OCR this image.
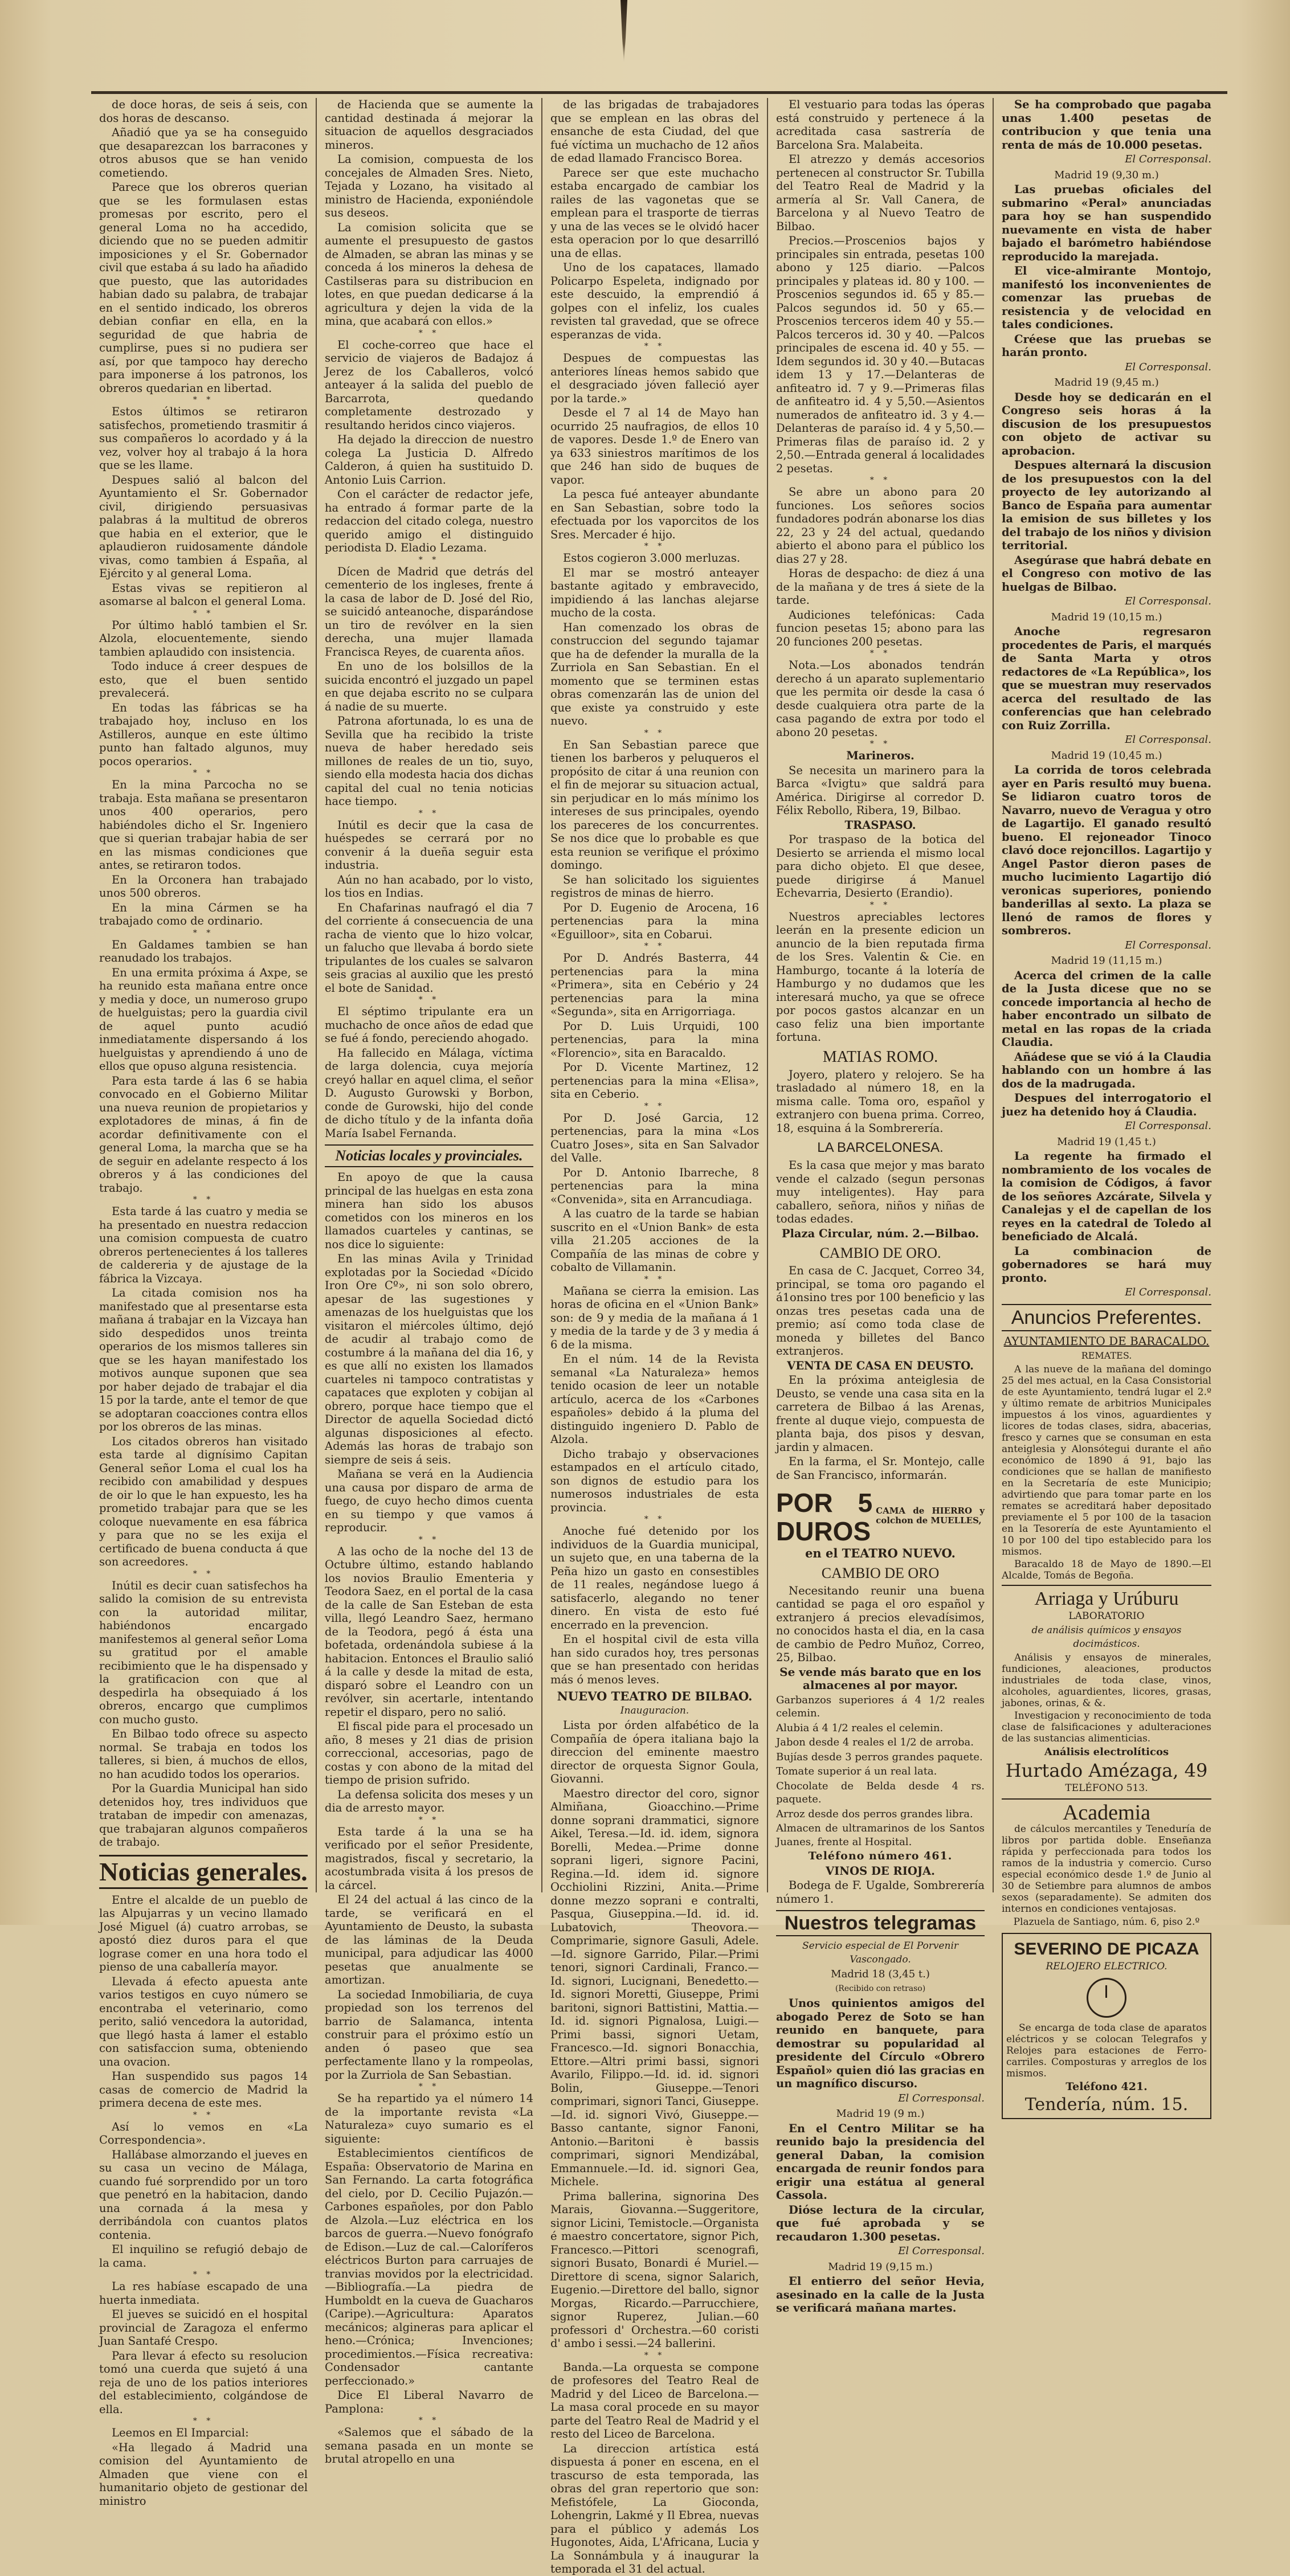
de doce horas, de seis á seis, con dos horas de descanso.

Añadió que ya se ha conseguido que desaparezcan los barracones y otros abusos que se han venido cometiendo.

Parece que los obreros querian que se les formulasen estas promesas por escrito, pero el general Loma no ha accedido, diciendo que no se pueden admitir imposiciones y el Sr. Gobernador civil que estaba á su lado ha añadido que puesto, que las autoridades habian dado su palabra, de trabajar en el sentido indicado, los obreros debian confiar en ella, en la seguridad de que habria de cumplirse, pues si no pudiera ser así, por que tampoco hay derecho para imponerse á los patronos, los obreros quedarian en libertad.

* *

Estos últimos se retiraron satisfechos, prometiendo trasmitir á sus compañeros lo acordado y á la vez, volver hoy al trabajo á la hora que se les llame.

Despues salió al balcon del Ayuntamiento el Sr. Gobernador civil, dirigiendo persuasivas palabras á la multitud de obreros que habia en el exterior, que le aplaudieron ruidosamente dándole vivas, como tambien á España, al Ejército y al general Loma.

Estas vivas se repitieron al asomarse al balcon el general Loma.

* *

Por último habló tambien el Sr. Alzola, elocuentemente, siendo tambien aplaudido con insistencia.

Todo induce á creer despues de esto, que el buen sentido prevalecerá.

En todas las fábricas se ha trabajado hoy, incluso en los Astilleros, aunque en este último punto han faltado algunos, muy pocos operarios.

* *

En la mina Parcocha no se trabaja. Esta mañana se presentaron unos 400 operarios, pero habiéndoles dicho el Sr. Ingeniero que si querian trabajar habia de ser en las mismas condiciones que antes, se retiraron todos.

En la Orconera han trabajado unos 500 obreros.

En la mina Cármen se ha trabajado como de ordinario.

* *

En Galdames tambien se han reanudado los trabajos.

En una ermita próxima á Axpe, se ha reunido esta mañana entre once y media y doce, un numeroso grupo de huelguistas; pero la guardia civil de aquel punto acudió inmediatamente dispersando á los huelguistas y aprendiendo á uno de ellos que opuso alguna resistencia.

Para esta tarde á las 6 se habia convocado en el Gobierno Militar una nueva reunion de propietarios y explotadores de minas, á fin de acordar definitivamente con el general Loma, la marcha que se ha de seguir en adelante respecto á los obreros y á las condiciones del trabajo.

* *

Esta tarde á las cuatro y media se ha presentado en nuestra redaccion una comision compuesta de cuatro obreros pertenecientes á los talleres de caldereria y de ajustage de la fábrica la Vizcaya.

La citada comision nos ha manifestado que al presentarse esta mañana á trabajar en la Vizcaya han sido despedidos unos treinta operarios de los mismos talleres sin que se les hayan manifestado los motivos aunque suponen que sea por haber dejado de trabajar el dia 15 por la tarde, ante el temor de que se adoptaran coacciones contra ellos por los obreros de las minas.

Los citados obreros han visitado esta tarde al dignísimo Capitan General señor Loma el cual los ha recibido con amabilidad y despues de oir lo que le han expuesto, les ha prometido trabajar para que se les coloque nuevamente en esa fábrica y para que no se les exija el certificado de buena conducta á que son acreedores.

* *

Inútil es decir cuan satisfechos ha salido la comision de su entrevista con la autoridad militar, habiéndonos encargado manifestemos al general señor Loma su gratitud por el amable recibimiento que le ha dispensado y la gratificacion con que al despedirla ha obsequiado á los obreros, encargo que cumplimos con mucho gusto.

En Bilbao todo ofrece su aspecto normal. Se trabaja en todos los talleres, si bien, á muchos de ellos, no han acudido todos los operarios.

Por la Guardia Municipal han sido detenidos hoy, tres individuos que trataban de impedir con amenazas, que trabajaran algunos compañeros de trabajo.

Noticias generales.

Entre el alcalde de un pueblo de las Alpujarras y un vecino llamado José Miguel (á) cuatro arrobas, se apostó diez duros para el que lograse comer en una hora todo el pienso de una caballería mayor.

Llevada á efecto apuesta ante varios testigos en cuyo número se encontraba el veterinario, como perito, salió vencedora la autoridad, que llegó hasta á lamer el establo con satisfaccion suma, obteniendo una ovacion.

Han suspendido sus pagos 14 casas de comercio de Madrid la primera decena de este mes.

* *

Así lo vemos en «La Correspondencia».

Hallábase almorzando el jueves en su casa un vecino de Málaga, cuando fué sorprendido por un toro que penetró en la habitacion, dando una cornada á la mesa y derribándola con cuantos platos contenia.

El inquilino se refugió debajo de la cama.

* *

La res habíase escapado de una huerta inmediata.

El jueves se suicidó en el hospital provincial de Zaragoza el enfermo Juan Santafé Crespo.

Para llevar á efecto su resolucion tomó una cuerda que sujetó á una reja de uno de los patios interiores del establecimiento, colgándose de ella.

* *

Leemos en El Imparcial:

«Ha llegado á Madrid una comision del Ayuntamiento de Almaden que viene con el humanitario objeto de gestionar del ministro

de Hacienda que se aumente la cantidad destinada á mejorar la situacion de aquellos desgraciados mineros.

La comision, compuesta de los concejales de Almaden Sres. Nieto, Tejada y Lozano, ha visitado al ministro de Hacienda, exponiéndole sus deseos.

La comision solicita que se aumente el presupuesto de gastos de Almaden, se abran las minas y se conceda á los mineros la dehesa de Castilseras para su distribucion en lotes, en que puedan dedicarse á la agricultura y dejen la vida de la mina, que acabará con ellos.»

* *

El coche-correo que hace el servicio de viajeros de Badajoz á Jerez de los Caballeros, volcó anteayer á la salida del pueblo de Barcarrota, quedando completamente destrozado y resultando heridos cinco viajeros.

Ha dejado la direccion de nuestro colega La Justicia D. Alfredo Calderon, á quien ha sustituido D. Antonio Luis Carrion.

Con el carácter de redactor jefe, ha entrado á formar parte de la redaccion del citado colega, nuestro querido amigo el distinguido periodista D. Eladio Lezama.

* *

Dícen de Madrid que detrás del cementerio de los ingleses, frente á la casa de labor de D. José del Rio, se suicidó anteanoche, disparándose un tiro de revólver en la sien derecha, una mujer llamada Francisca Reyes, de cuarenta años.

En uno de los bolsillos de la suicida encontró el juzgado un papel en que dejaba escrito no se culpara á nadie de su muerte.

Patrona afortunada, lo es una de Sevilla que ha recibido la triste nueva de haber heredado seis millones de reales de un tio, suyo, siendo ella modesta hacia dos dichas capital del cual no tenia noticias hace tiempo.

* *

Inútil es decir que la casa de huéspedes se cerrará por no convenir á la dueña seguir esta industria.

Aún no han acabado, por lo visto, los tios en Indias.

En Chafarinas naufragó el dia 7 del corriente á consecuencia de una racha de viento que lo hizo volcar, un falucho que llevaba á bordo siete tripulantes de los cuales se salvaron seis gracias al auxilio que les prestó el bote de Sanidad.

* *

El séptimo tripulante era un muchacho de once años de edad que se fué á fondo, pereciendo ahogado.

Ha fallecido en Málaga, víctima de larga dolencia, cuya mejoría creyó hallar en aquel clima, el señor D. Augusto Gurowski y Borbon, conde de Gurowski, hijo del conde de dicho título y de la infanta doña María Isabel Fernanda.

Noticias locales y provinciales.

En apoyo de que la causa principal de las huelgas en esta zona minera han sido los abusos cometidos con los mineros en los llamados cuarteles y cantinas, se nos dice lo siguiente:

En las minas Avila y Trinidad explotadas por la Sociedad «Dícido Iron Ore Cº», ni son solo obrero, apesar de las sugestiones y amenazas de los huelguistas que los visitaron el miércoles último, dejó de acudir al trabajo como de costumbre á la mañana del dia 16, y es que allí no existen los llamados cuarteles ni tampoco contratistas y capataces que exploten y cobijan al obrero, porque hace tiempo que el Director de aquella Sociedad dictó algunas disposiciones al efecto. Además las horas de trabajo son siempre de seis á seis.

Mañana se verá en la Audiencia una causa por disparo de arma de fuego, de cuyo hecho dimos cuenta en su tiempo y que vamos á reproducir.

* *

A las ocho de la noche del 13 de Octubre último, estando hablando los novios Braulio Ementeria y Teodora Saez, en el portal de la casa de la calle de San Esteban de esta villa, llegó Leandro Saez, hermano de la Teodora, pegó á ésta una bofetada, ordenándola subiese á la habitacion. Entonces el Braulio salió á la calle y desde la mitad de esta, disparó sobre el Leandro con un revólver, sin acertarle, intentando repetir el disparo, pero no salió.

El fiscal pide para el procesado un año, 8 meses y 21 dias de prision correccional, accesorias, pago de costas y con abono de la mitad del tiempo de prision sufrido.

La defensa solicita dos meses y un dia de arresto mayor.

* *

Esta tarde á la una se ha verificado por el señor Presidente, magistrados, fiscal y secretario, la acostumbrada visita á los presos de la cárcel.

El 24 del actual á las cinco de la tarde, se verificará en el Ayuntamiento de Deusto, la subasta de las láminas de la Deuda municipal, para adjudicar las 4000 pesetas que anualmente se amortizan.

La sociedad Inmobiliaria, de cuya propiedad son los terrenos del barrio de Salamanca, intenta construir para el próximo estío un anden ó paseo que sea perfectamente llano y la rompeolas, por la Zurriola de San Sebastian.

* *

Se ha repartido ya el número 14 de la importante revista «La Naturaleza» cuyo sumario es el siguiente:

Establecimientos científicos de España: Observatorio de Marina en San Fernando. La carta fotográfica del cielo, por D. Cecilio Pujazón.—Carbones españoles, por don Pablo de Alzola.—Luz eléctrica en los barcos de guerra.—Nuevo fonógrafo de Edison.—Luz de cal.—Caloríferos eléctricos Burton para carruajes de tranvias movidos por la electricidad.—Bibliografía.—La piedra de Humboldt en la cueva de Guacharos (Caripe).—Agricultura: Aparatos mecánicos; algineras para aplicar el heno.—Crónica; Invenciones; procedimientos.—Física recreativa: Condensador cantante perfeccionado.»

Dice El Liberal Navarro de Pamplona:

* *

«Salemos que el sábado de la semana pasada en un monte se brutal atropello en una

de las brigadas de trabajadores que se emplean en las obras del ensanche de esta Ciudad, del que fué víctima un muchacho de 12 años de edad llamado Francisco Borea.

Parece ser que este muchacho estaba encargado de cambiar los railes de las vagonetas que se emplean para el trasporte de tierras y una de las veces se le olvidó hacer esta operacion por lo que desarrilló una de ellas.

Uno de los capataces, llamado Policarpo Espeleta, indignado por este descuido, la emprendió á golpes con el infeliz, los cuales revisten tal gravedad, que se ofrece esperanzas de vida.

* *

Despues de compuestas las anteriores líneas hemos sabido que el desgraciado jóven falleció ayer por la tarde.»

Desde el 7 al 14 de Mayo han ocurrido 25 naufragios, de ellos 10 de vapores. Desde 1.º de Enero van ya 633 siniestros marítimos de los que 246 han sido de buques de vapor.

La pesca fué anteayer abundante en San Sebastian, sobre todo la efectuada por los vaporcitos de los Sres. Mercader é hijo.

* *

Estos cogieron 3.000 merluzas.

El mar se mostró anteayer bastante agitado y embravecido, impidiendo á las lanchas alejarse mucho de la costa.

Han comenzado los obras de construccion del segundo tajamar que ha de defender la muralla de la Zurriola en San Sebastian. En el momento que se terminen estas obras comenzarán las de union del que existe ya construido y este nuevo.

* *

En San Sebastian parece que tienen los barberos y peluqueros el propósito de citar á una reunion con el fin de mejorar su situacion actual, sin perjudicar en lo más mínimo los intereses de sus principales, oyendo los pareceres de los concurrentes. Se nos dice que lo probable es que esta reunion se verifique el próximo domingo.

Se han solicitado los siguientes registros de minas de hierro.

Por D. Eugenio de Arocena, 16 pertenencias para la mina «Eguilloor», sita en Cobarui.

* *

Por D. Andrés Basterra, 44 pertenencias para la mina «Primera», sita en Cebério y 24 pertenencias para la mina «Segunda», sita en Arrigorriaga.

Por D. Luis Urquidi, 100 pertenencias, para la mina «Florencio», sita en Baracaldo.

Por D. Vicente Martinez, 12 pertenencias para la mina «Elisa», sita en Ceberio.

* *

Por D. José Garcia, 12 pertenencias, para la mina «Los Cuatro Joses», sita en San Salvador del Valle.

Por D. Antonio Ibarreche, 8 pertenencias para la mina «Convenida», sita en Arrancudiaga.

A las cuatro de la tarde se habian suscrito en el «Union Bank» de esta villa 21.205 acciones de la Compañía de las minas de cobre y cobalto de Villamanin.

* *

Mañana se cierra la emision. Las horas de oficina en el «Union Bank» son: de 9 y media de la mañana á 1 y media de la tarde y de 3 y media á 6 de la misma.

En el núm. 14 de la Revista semanal «La Naturaleza» hemos tenido ocasion de leer un notable artículo, acerca de los «Carbones españoles» debido á la pluma del distinguido ingeniero D. Pablo de Alzola.

Dicho trabajo y observaciones estampados en el artículo citado, son dignos de estudio para los numerosos industriales de esta provincia.

* *

Anoche fué detenido por los individuos de la Guardia municipal, un sujeto que, en una taberna de la Peña hizo un gasto en consestibles de 11 reales, negándose luego á satisfacerlo, alegando no tener dinero. En vista de esto fué encerrado en la prevencion.

En el hospital civil de esta villa han sido curados hoy, tres personas que se han presentado con heridas más ó menos leves.

NUEVO TEATRO DE BILBAO.

Inauguracion.

Lista por órden alfabético de la Compañía de ópera italiana bajo la direccion del eminente maestro director de orquesta Signor Goula, Giovanni.

Maestro director del coro, signor Almiñana, Gioacchino.—Prime donne soprani drammatici, signore Aikel, Teresa.—Id. id. idem, signora Borelli, Medea.—Prime donne soprani ligeri, signore Pacini, Regina.—Id. idem id. signore Occhiolini Rizzini, Anita.—Prime donne mezzo soprani e contralti, Pasqua, Giuseppina.—Id. id. id. Lubatovich, Theovora.—Comprimarie, signore Gasuli, Adele.—Id. signore Garrido, Pilar.—Primi tenori, signori Cardinali, Franco.—Id. signori, Lucignani, Benedetto.—Id. signori Moretti, Giuseppe, Primi baritoni, signori Battistini, Mattia.—Id. id. signori Pignalosa, Luigi.—Primi bassi, signori Uetam, Francesco.—Id. signori Bonacchia, Ettore.—Altri primi bassi, signori Avarilo, Filippo.—Id. id. id. signori Bolin, Giuseppe.—Tenori comprimari, signori Tanci, Giuseppe.—Id. id. signori Vivó, Giuseppe.—Basso cantante, signor Fanoni, Antonio.—Baritoni è bassis comprimari, signori Mendizábal, Emmannuele.—Id. id. signori Gea, Michele.

Prima ballerina, signorina Des Marais, Giovanna.—Suggeritore, signor Licini, Temistocle.—Organista é maestro concertatore, signor Pich, Francesco.—Pittori scenografi, signori Busato, Bonardi é Muriel.—Direttore di scena, signor Salarich, Eugenio.—Direttore del ballo, signor Morgas, Ricardo.—Parrucchiere, signor Ruperez, Julian.—60 professori d' Orchestra.—60 coristi d' ambo i sessi.—24 ballerini.

* *

Banda.—La orquesta se compone de profesores del Teatro Real de Madrid y del Liceo de Barcelona.—La masa coral procede en su mayor parte del Teatro Real de Madrid y el resto del Liceo de Barcelona.

La direccion artística está dispuesta á poner en escena, en el trascurso de esta temporada, las obras del gran repertorio que son: Mefistófele, La Gioconda, Lohengrin, Lakmé y Il Ebrea, nuevas para el público y además Los Hugonotes, Aida, L'Africana, Lucia y La Sonnámbula y á inaugurar la temporada el 31 del actual.

El vestuario para todas las óperas está construido y pertenece á la acreditada casa sastrería de Barcelona Sra. Malabeita.

El atrezzo y demás accesorios pertenecen al constructor Sr. Tubilla del Teatro Real de Madrid y la armería al Sr. Vall Canera, de Barcelona y al Nuevo Teatro de Bilbao.

Precios.—Proscenios bajos y principales sin entrada, pesetas 100 abono y 125 diario. —Palcos principales y plateas id. 80 y 100. —Proscenios segundos id. 65 y 85.—Palcos segundos id. 50 y 65.—Proscenios terceros idem 40 y 55.—Palcos terceros id. 30 y 40. —Palcos principales de escena id. 40 y 55. —Idem segundos id. 30 y 40.—Butacas idem 13 y 17.—Delanteras de anfiteatro id. 7 y 9.—Primeras filas de anfiteatro id. 4 y 5,50.—Asientos numerados de anfiteatro id. 3 y 4.—Delanteras de paraíso id. 4 y 5,50.—Primeras filas de paraíso id. 2 y 2,50.—Entrada general á localidades 2 pesetas.

* *

Se abre un abono para 20 funciones. Los señores socios fundadores podrán abonarse los dias 22, 23 y 24 del actual, quedando abierto el abono para el público los dias 27 y 28.

Horas de despacho: de diez á una de la mañana y de tres á siete de la tarde.

Audiciones telefónicas: Cada funcion pesetas 15; abono para las 20 funciones 200 pesetas.

* *

Nota.—Los abonados tendrán derecho á un aparato suplementario que les permita oir desde la casa ó desde cualquiera otra parte de la casa pagando de extra por todo el abono 20 pesetas.

* *

Marineros.

Se necesita un marinero para la Barca «Ivigtu» que saldrá para América. Dirigirse al corredor D. Félix Rebollo, Ribera, 19, Bilbao.

TRASPASO.

Por traspaso de la botica del Desierto se arrienda el mismo local para dicho objeto. El que desee, puede dirigirse á Manuel Echevarria, Desierto (Erandio).

* *

Nuestros apreciables lectores leerán en la presente edicion un anuncio de la bien reputada firma de los Sres. Valentin & Cie. en Hamburgo, tocante á la lotería de Hamburgo y no dudamos que les interesará mucho, ya que se ofrece por pocos gastos alcanzar en un caso feliz una bien importante fortuna.

MATIAS ROMO.

Joyero, platero y relojero. Se ha trasladado al número 18, en la misma calle. Toma oro, español y extranjero con buena prima. Correo, 18, esquina á la Sombrerería.

LA BARCELONESA.

Es la casa que mejor y mas barato vende el calzado (segun personas muy inteligentes). Hay para caballero, señora, niños y niñas de todas edades.

Plaza Circular, núm. 2.—Bilbao.

CAMBIO DE ORO.

En casa de C. Jacquet, Correo 34, principal, se toma oro pagando el á1onsino tres por 100 beneficio y las onzas tres pesetas cada una de premio; así como toda clase de moneda y billetes del Banco extranjeros.

VENTA DE CASA EN DEUSTO.

En la próxima anteiglesia de Deusto, se vende una casa sita en la carretera de Bilbao á las Arenas, frente al duque viejo, compuesta de planta baja, dos pisos y desvan, jardin y almacen.

En la farma, el Sr. Montejo, calle de San Francisco, informarán.

POR 5 DUROS
CAMA de HIERRO y colchon de MUELLES,

en el TEATRO NUEVO.

CAMBIO DE ORO

Necesitando reunir una buena cantidad se paga el oro español y extranjero á precios elevadísimos, no conocidos hasta el dia, en la casa de cambio de Pedro Muñoz, Correo, 25, Bilbao.

Se vende más barato que en los almacenes al por mayor.

Garbanzos superiores á 4 1/2 reales celemin.

Alubia á 4 1/2 reales el celemin.

Jabon desde 4 reales el 1/2 de arroba.

Bujías desde 3 perros grandes paquete.

Tomate superior á un real lata.

Chocolate de Belda desde 4 rs. paquete.

Arroz desde dos perros grandes libra.

Almacen de ultramarinos de los Santos Juanes, frente al Hospital.

Teléfono número 461.

VINOS DE RIOJA.

Bodega de F. Ugalde, Sombrerería número 1.

Nuestros telegramas

Servicio especial de El Porvenir Vascongado.

Madrid 18 (3,45 t.)

(Recibido con retraso)

Unos quinientos amigos del abogado Perez de Soto se han reunido en banquete, para demostrar su popularidad al presidente del Círculo «Obrero Español» quien dió las gracias en un magnífico discurso.

El Corresponsal.

Madrid 19 (9 m.)

En el Centro Militar se ha reunido bajo la presidencia del general Daban, la comision encargada de reunir fondos para erigir una estátua al general Cassola.

Dióse lectura de la circular, que fué aprobada y se recaudaron 1.300 pesetas.

El Corresponsal.

Madrid 19 (9,15 m.)

El entierro del señor Hevia, asesinado en la calle de la Justa se verificará mañana martes.

Se ha comprobado que pagaba unas 1.400 pesetas de contribucion y que tenia una renta de más de 10.000 pesetas.

El Corresponsal.

Madrid 19 (9,30 m.)

Las pruebas oficiales del submarino «Peral» anunciadas para hoy se han suspendido nuevamente en vista de haber bajado el barómetro habiéndose reproducido la marejada.

El vice-almirante Montojo, manifestó los inconvenientes de comenzar las pruebas de resistencia y de velocidad en tales condiciones.

Créese que las pruebas se harán pronto.

El Corresponsal.

Madrid 19 (9,45 m.)

Desde hoy se dedicarán en el Congreso seis horas á la discusion de los presupuestos con objeto de activar su aprobacion.

Despues alternará la discusion de los presupuestos con la del proyecto de ley autorizando al Banco de España para aumentar la emision de sus billetes y los del trabajo de los niños y division territorial.

Asegúrase que habrá debate en el Congreso con motivo de las huelgas de Bilbao.

El Corresponsal.

Madrid 19 (10,15 m.)

Anoche regresaron procedentes de Paris, el marqués de Santa Marta y otros redactores de «La República», los que se muestran muy reservados acerca del resultado de las conferencias que han celebrado con Ruiz Zorrilla.

El Corresponsal.

Madrid 19 (10,45 m.)

La corrida de toros celebrada ayer en Paris resultó muy buena. Se lidiaron cuatro toros de Navarro, nuevo de Veragua y otro de Lagartijo. El ganado resultó bueno. El rejoneador Tinoco clavó doce rejoncillos. Lagartijo y Angel Pastor dieron pases de mucho lucimiento Lagartijo dió veronicas superiores, poniendo banderillas al sexto. La plaza se llenó de ramos de flores y sombreros.

El Corresponsal.

Madrid 19 (11,15 m.)

Acerca del crimen de la calle de la Justa dicese que no se concede importancia al hecho de haber encontrado un silbato de metal en las ropas de la criada Claudia.

Añádese que se vió á la Claudia hablando con un hombre á las dos de la madrugada.

Despues del interrogatorio el juez ha detenido hoy á Claudia.

El Corresponsal.

Madrid 19 (1,45 t.)

La regente ha firmado el nombramiento de los vocales de la comision de Códigos, á favor de los señores Azcárate, Silvela y Canalejas y el de capellan de los reyes en la catedral de Toledo al beneficiado de Alcalá.

La combinacion de gobernadores se hará muy pronto.

El Corresponsal.

Anuncios Preferentes.

AYUNTAMIENTO DE BARACALDO.

REMATES.

A las nueve de la mañana del domingo 25 del mes actual, en la Casa Consistorial de este Ayuntamiento, tendrá lugar el 2.º y último remate de arbitrios Municipales impuestos á los vinos, aguardientes y licores de todas clases, sidra, abacerias, fresco y carnes que se consuman en esta anteiglesia y Alonsótegui durante el año económico de 1890 á 91, bajo las condiciones que se hallan de manifiesto en la Secretaría de este Municipio; advirtiendo que para tomar parte en los remates se acreditará haber depositado previamente el 5 por 100 de la tasacion en la Tesorería de este Ayuntamiento el 10 por 100 del tipo establecido para los mismos.

Baracaldo 18 de Mayo de 1890.—El Alcalde, Tomás de Begoña.

Arriaga y Urúburu

LABORATORIO

de análisis químicos y ensayos docimásticos.

Análisis y ensayos de minerales, fundiciones, aleaciones, productos industriales de toda clase, vinos, alcoholes, aguardientes, licores, grasas, jabones, orinas, & &.

Investigacion y reconocimiento de toda clase de falsificaciones y adulteraciones de las sustancias alimenticias.

Análisis electrolíticos

Hurtado Amézaga, 49

TELÉFONO 513.

Academia

de cálculos mercantiles y Teneduría de libros por partida doble. Enseñanza rápida y perfeccionada para todos los ramos de la industria y comercio. Curso especial económico desde 1.º de Junio al 30 de Setiembre para alumnos de ambos sexos (separadamente). Se admiten dos internos en condiciones ventajosas.

Plazuela de Santiago, núm. 6, piso 2.º

SEVERINO DE PICAZA

RELOJERO ELECTRICO.

Se encarga de toda clase de aparatos eléctricos y se colocan Telegrafos y Relojes para estaciones de Ferro-carriles. Composturas y arreglos de los mismos.

Teléfono 421.

Tendería, núm. 15.
